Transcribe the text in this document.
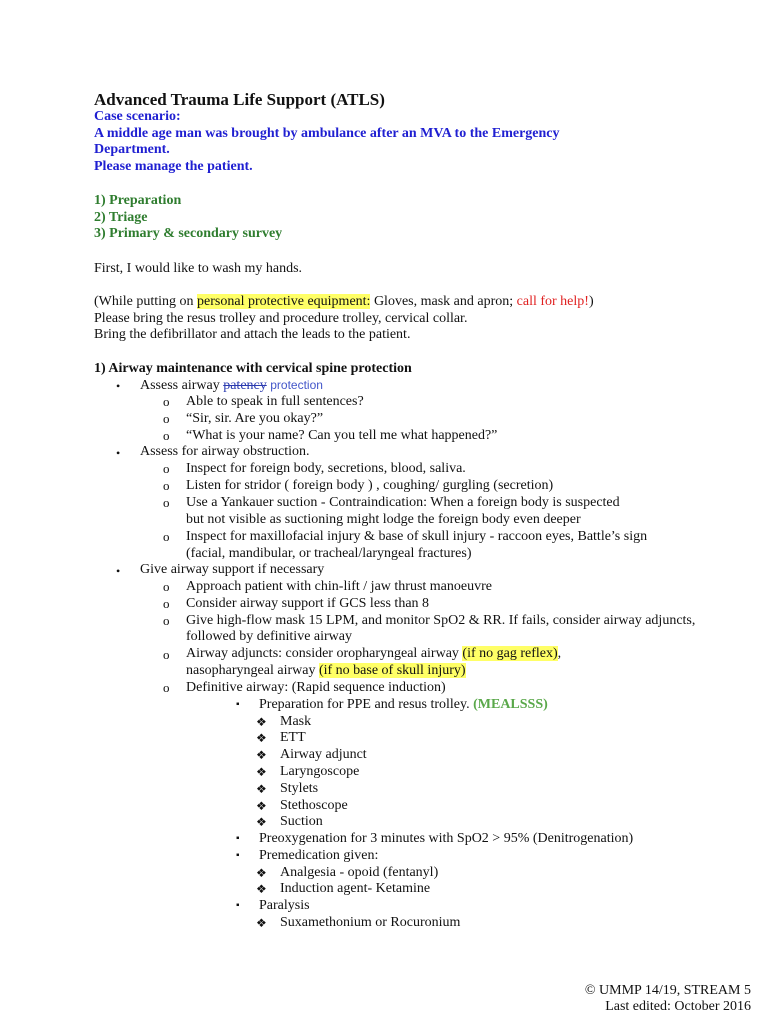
Advanced Trauma Life Support (ATLS)
Case scenario:
A middle age man was brought by ambulance after an MVA to the Emergency
Department.
Please manage the patient.
1) Preparation
2) Triage
3) Primary & secondary survey
First, I would like to wash my hands.
(While putting on personal protective equipment: Gloves, mask and apron; call for help!)
Please bring the resus trolley and procedure trolley, cervical collar.
Bring the defibrillator and attach the leads to the patient.
1) Airway maintenance with cervical spine protection
• Assess airway patency protection
o Able to speak in full sentences?
o “Sir, sir. Are you okay?”
o “What is your name? Can you tell me what happened?”
• Assess for airway obstruction.
o Inspect for foreign body, secretions, blood, saliva.
o Listen for stridor ( foreign body ) , coughing/ gurgling (secretion)
o Use a Yankauer suction - Contraindication: When a foreign body is suspected
but not visible as suctioning might lodge the foreign body even deeper
o Inspect for maxillofacial injury & base of skull injury - raccoon eyes, Battle’s sign
(facial, mandibular, or tracheal/laryngeal fractures)
• Give airway support if necessary
o Approach patient with chin-lift / jaw thrust manoeuvre
o Consider airway support if GCS less than 8
o Give high-flow mask 15 LPM, and monitor SpO2 & RR. If fails, consider airway adjuncts,
followed by definitive airway
o Airway adjuncts: consider oropharyngeal airway (if no gag reflex),
nasopharyngeal airway (if no base of skull injury)
o Definitive airway: (Rapid sequence induction)
▪ Preparation for PPE and resus trolley. (MEALSSS)
❖ Mask
❖ ETT
❖ Airway adjunct
❖ Laryngoscope
❖ Stylets
❖ Stethoscope
❖ Suction
▪ Preoxygenation for 3 minutes with SpO2 > 95% (Denitrogenation)
▪ Premedication given:
❖ Analgesia - opoid (fentanyl)
❖ Induction agent- Ketamine
▪ Paralysis
❖ Suxamethonium or Rocuronium
© UMMP 14/19, STREAM 5
Last edited: October 2016
